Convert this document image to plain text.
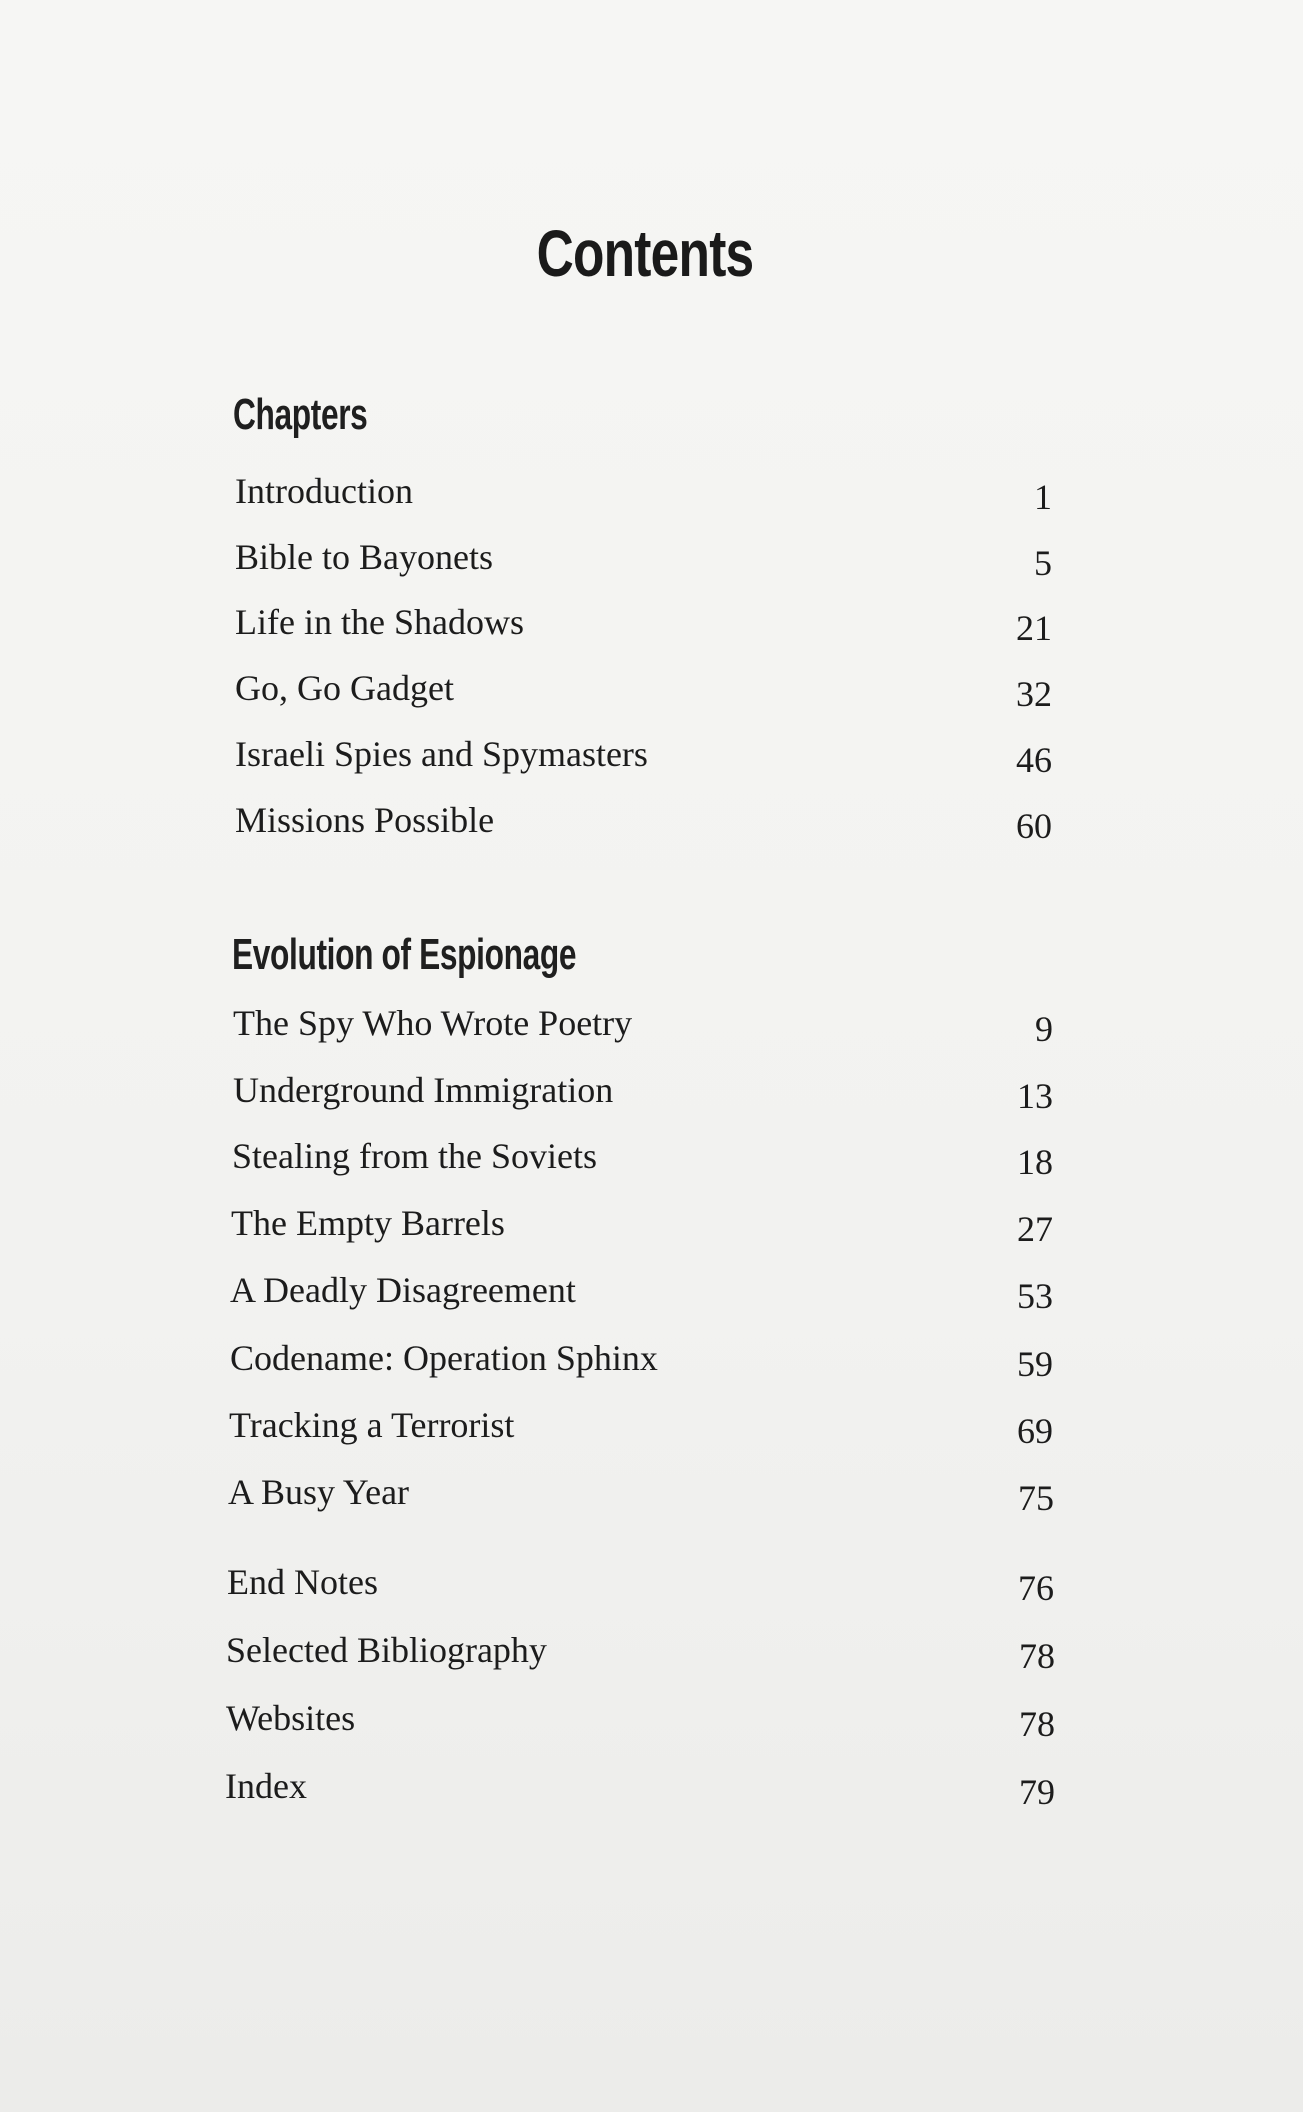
Contents
Chapters
Introduction	1
Bible to Bayonets	5
Life in the Shadows	21
Go, Go Gadget	32
Israeli Spies and Spymasters	46
Missions Possible	60
Evolution of Espionage
The Spy Who Wrote Poetry	9
Underground Immigration	13
Stealing from the Soviets	18
The Empty Barrels	27
A Deadly Disagreement	53
Codename: Operation Sphinx	59
Tracking a Terrorist	69
A Busy Year	75
End Notes	76
Selected Bibliography	78
Websites	78
Index	79
